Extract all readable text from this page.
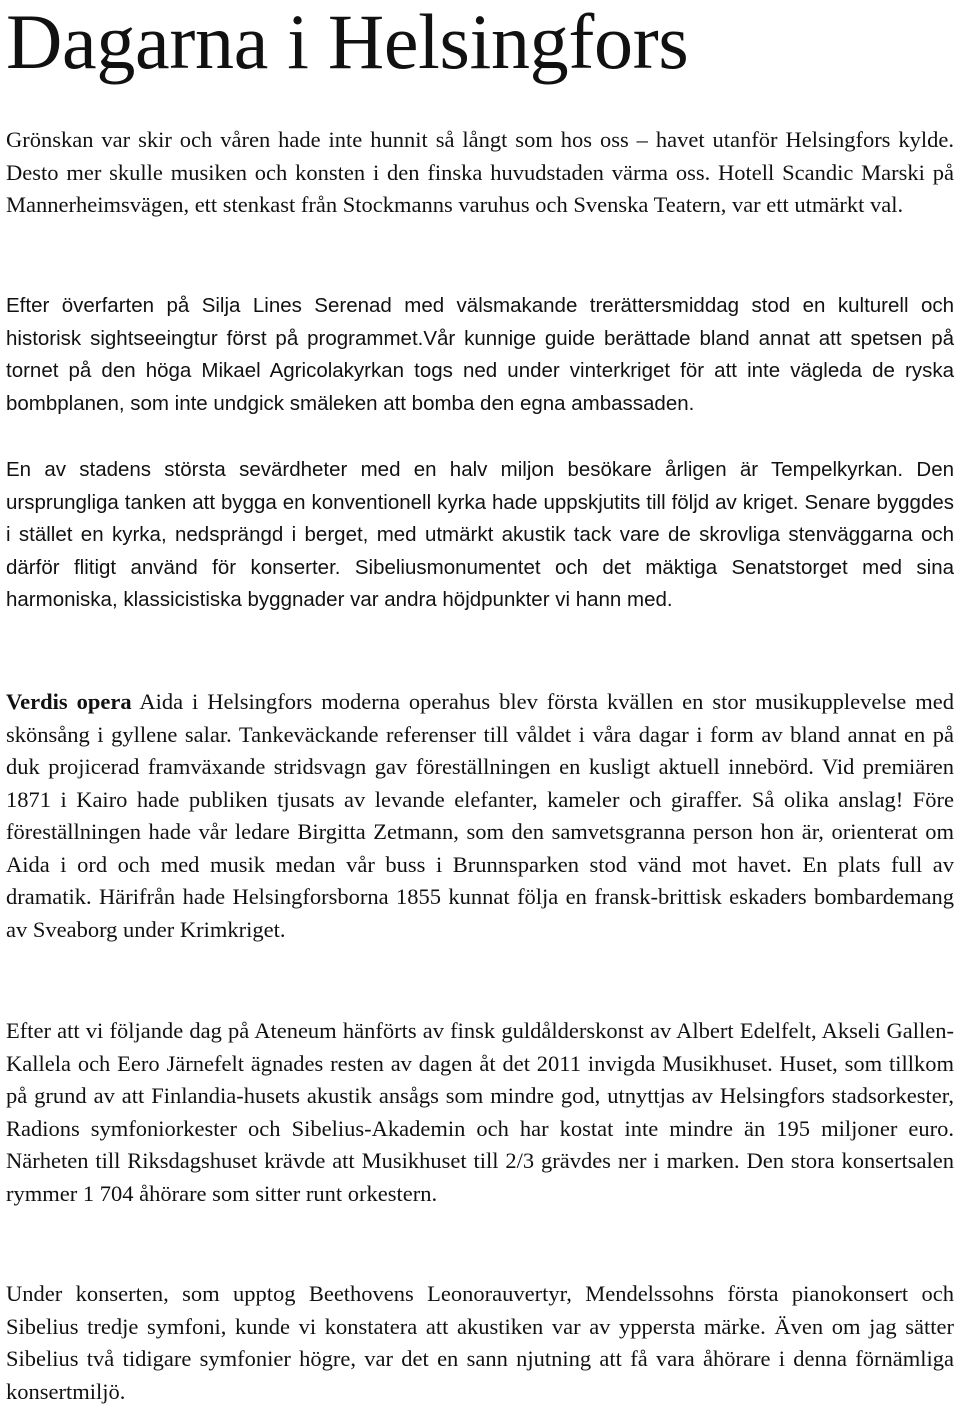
Dagarna i Helsingfors

Grönskan var skir och våren hade inte hunnit så långt som hos oss – havet utanför Helsingfors kylde. Desto mer skulle musiken och konsten i den finska huvudstaden värma oss. Hotell Scandic Marski på Mannerheimsvägen, ett stenkast från Stockmanns varuhus och Svenska Teatern, var ett utmärkt val.

Efter överfarten på Silja Lines Serenad med välsmakande trerättersmiddag stod en kulturell och historisk sightseeingtur först på programmet.Vår kunnige guide berättade bland annat att spetsen på tornet på den höga Mikael Agricolakyrkan togs ned under vinterkriget för att inte vägleda de ryska bombplanen, som inte undgick smäleken att bomba den egna ambassaden.

En av stadens största sevärdheter med en halv miljon besökare årligen är Tempelkyrkan. Den ursprungliga tanken att bygga en konventionell kyrka hade uppskjutits till följd av kriget. Senare byggdes i stället en kyrka, nedsprängd i berget, med utmärkt akustik tack vare de skrovliga stenväggarna och därför flitigt använd för konserter. Sibeliusmonumentet och det mäktiga Senatstorget med sina harmoniska, klassicistiska byggnader var andra höjdpunkter vi hann med.

Verdis opera Aida i Helsingfors moderna operahus blev första kvällen en stor musikupplevelse med skönsång i gyllene salar. Tankeväckande referenser till våldet i våra dagar i form av bland annat en på duk projicerad framväxande stridsvagn gav föreställningen en kusligt aktuell innebörd. Vid premiären 1871 i Kairo hade publiken tjusats av levande elefanter, kameler och giraffer. Så olika anslag! Före föreställningen hade vår ledare Birgitta Zetmann, som den samvetsgranna person hon är, orienterat om Aida i ord och med musik medan vår buss i Brunnsparken stod vänd mot havet. En plats full av dramatik. Härifrån hade Helsingforsborna 1855 kunnat följa en fransk-brittisk eskaders bombardemang av Sveaborg under Krimkriget.

Efter att vi följande dag på Ateneum hänförts av finsk guldålderskonst av Albert Edelfelt, Akseli Gallen-Kallela och Eero Järnefelt ägnades resten av dagen åt det 2011 invigda Musikhuset. Huset, som tillkom på grund av att Finlandia-husets akustik ansågs som mindre god, utnyttjas av Helsingfors stadsorkester, Radions symfoniorkester och Sibelius-Akademin och har kostat inte mindre än 195 miljoner euro. Närheten till Riksdagshuset krävde att Musikhuset till 2/3 grävdes ner i marken. Den stora konsertsalen rymmer 1 704 åhörare som sitter runt orkestern.

Under konserten, som upptog Beethovens Leonorauvertyr, Mendelssohns första pianokonsert och Sibelius tredje symfoni, kunde vi konstatera att akustiken var av yppersta märke. Även om jag sätter Sibelius två tidigare symfonier högre, var det en sann njutning att få vara åhörare i denna förnämliga konsertmiljö.
